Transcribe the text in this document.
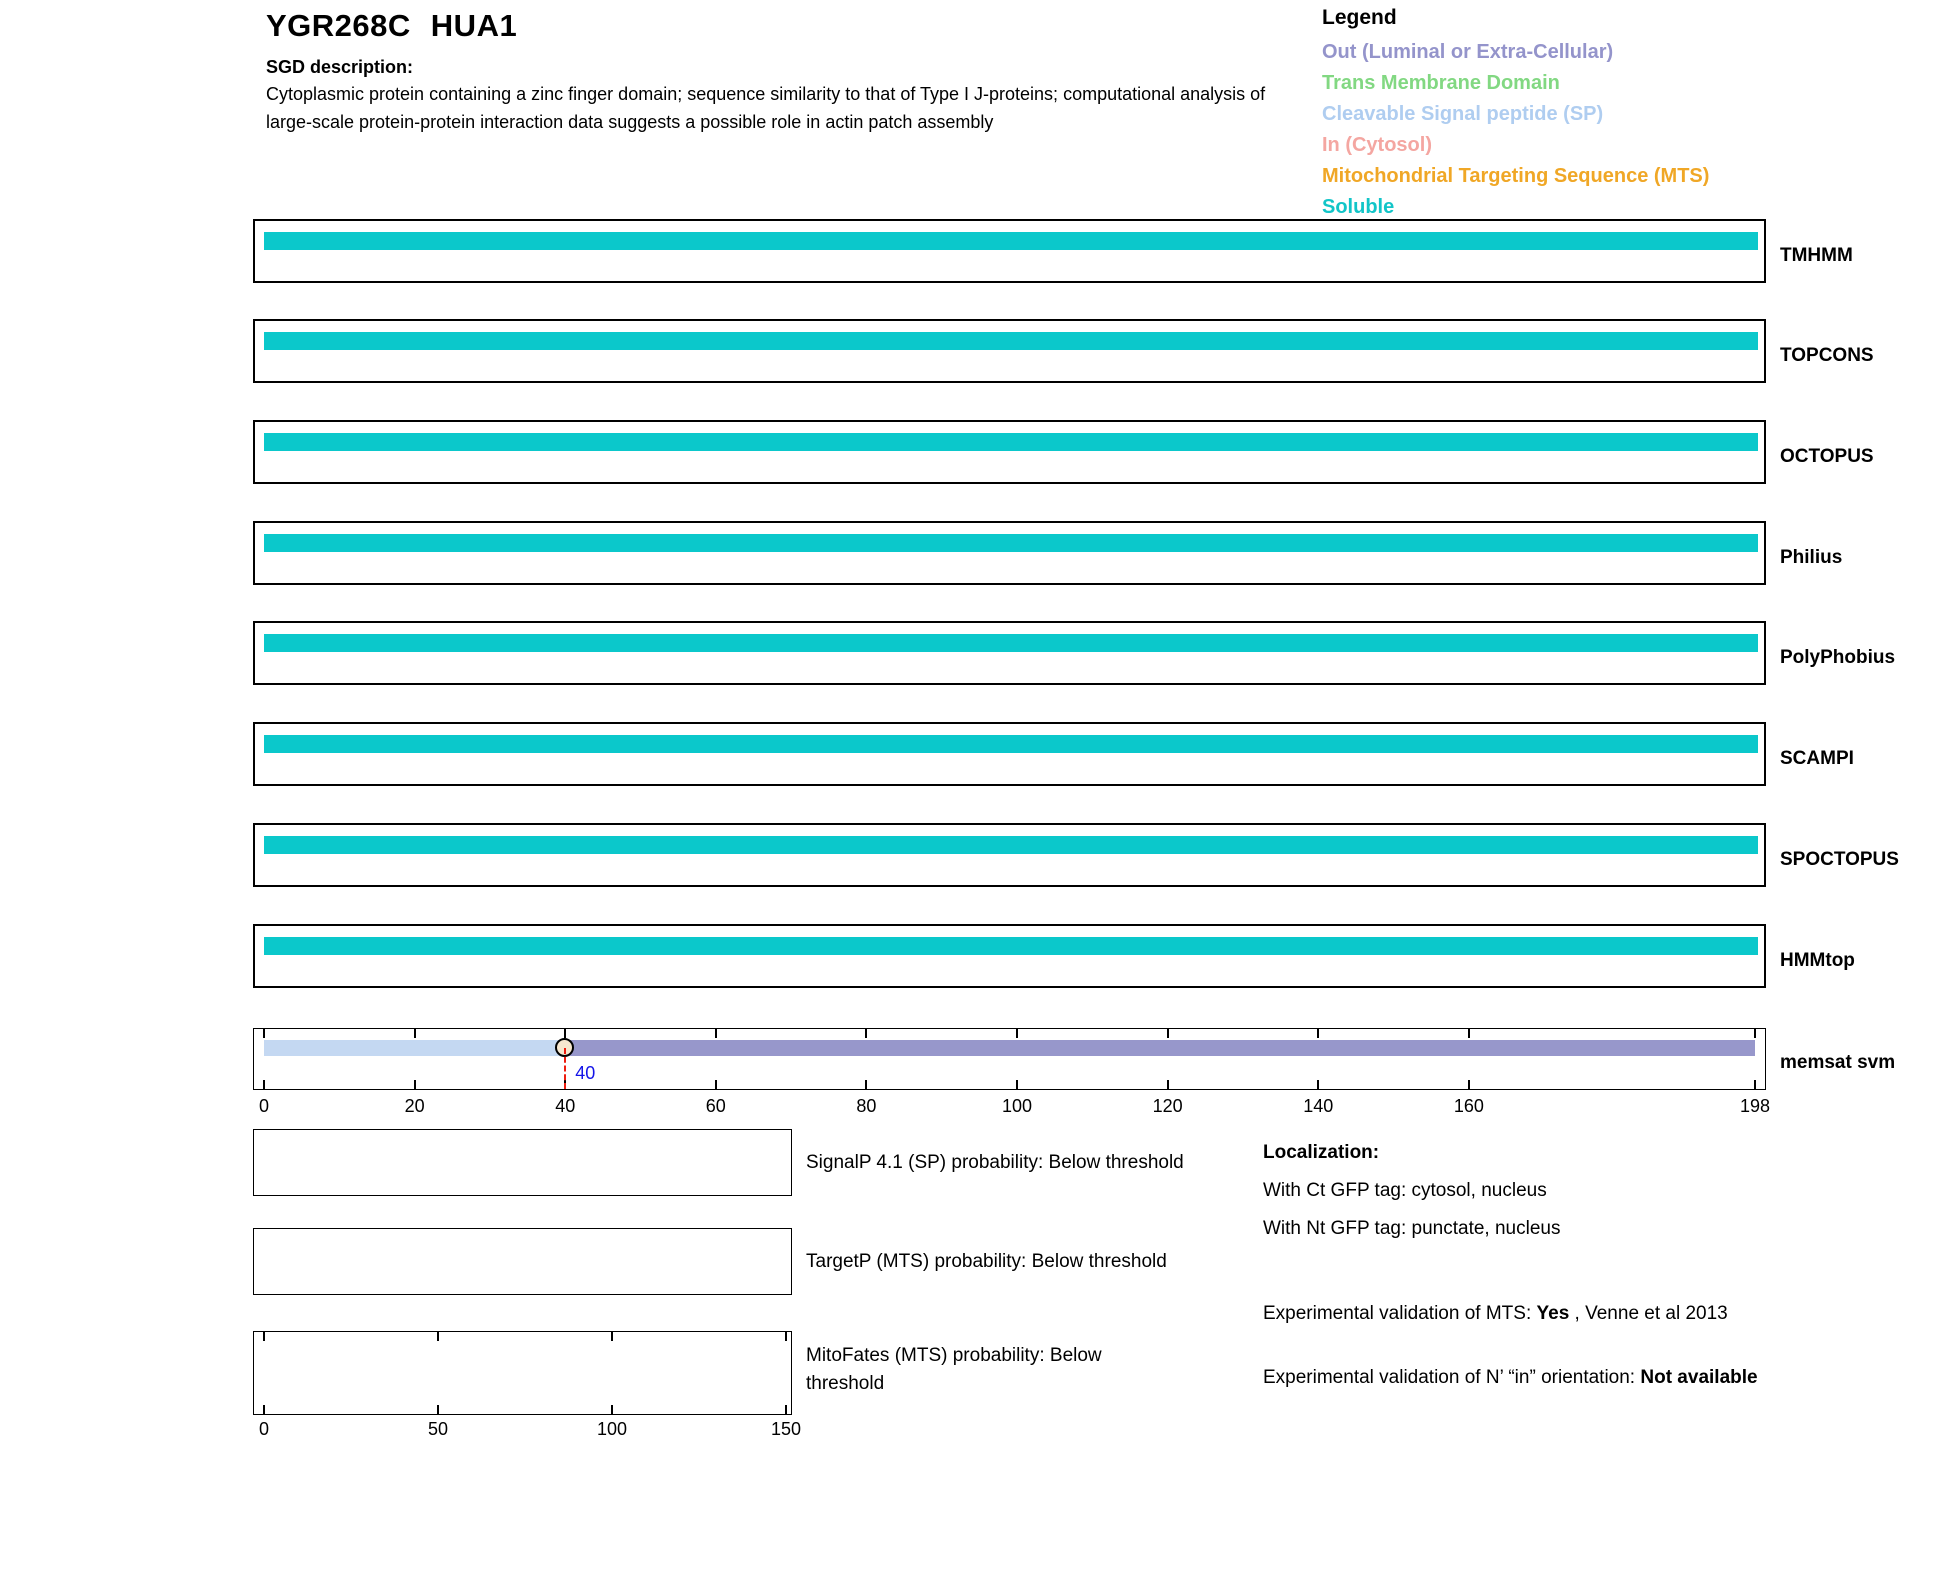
YGR268C HUA1
SGD description:
Cytoplasmic protein containing a zinc finger domain; sequence similarity to that of Type I J-proteins; computational analysis of large-scale protein-protein interaction data suggests a possible role in actin patch assembly
Legend
Out (Luminal or Extra-Cellular)
Trans Membrane Domain
Cleavable Signal peptide (SP)
In (Cytosol)
Mitochondrial Targeting Sequence (MTS)
Soluble
TMHMM
TOPCONS
OCTOPUS
Philius
PolyPhobius
SCAMPI
SPOCTOPUS
HMMtop
40	memsat svm
0	20	40	60	80	100	120	140	160	198
SignalP 4.1 (SP) probability: Below threshold
TargetP (MTS) probability: Below threshold
MitoFates (MTS) probability: Below threshold
0	50	100	150
Localization:
With Ct GFP tag: cytosol, nucleus
With Nt GFP tag: punctate, nucleus
Experimental validation of MTS: Yes , Venne et al 2013
Experimental validation of N’ “in” orientation: Not available
